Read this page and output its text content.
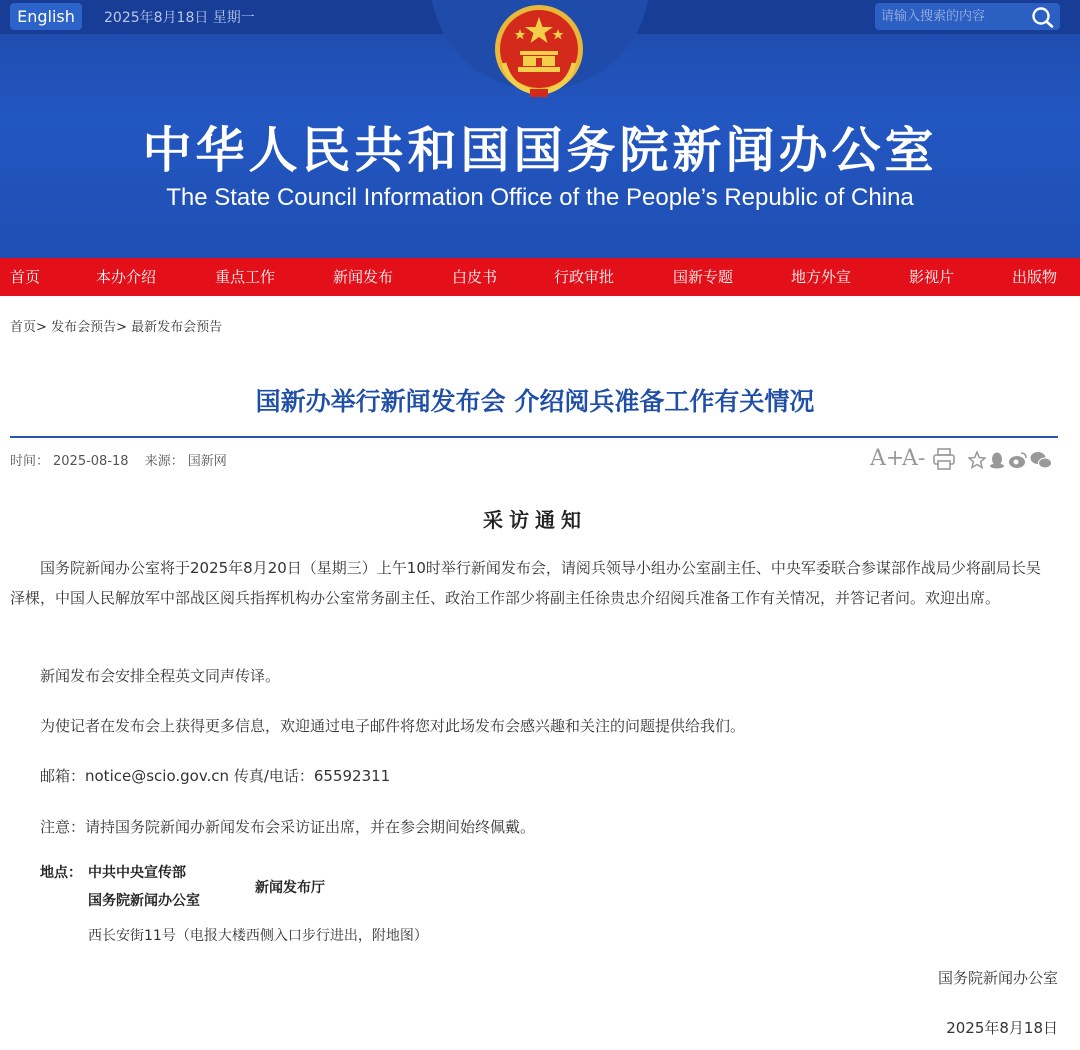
English	2025年8月18日 星期一
请输入搜索的内容
中华人民共和国国务院新闻办公室
The State Council Information Office of the People’s Republic of China
首页	本办介绍	重点工作	新闻发布	白皮书	行政审批	国新专题	地方外宣	影视片	出版物
首页> 发布会预告> 最新发布会预告
国新办举行新闻发布会 介绍阅兵准备工作有关情况
时间： 2025-08-18 来源： 国新网	A+
A-
采访通知
国务院新闻办公室将于2025年8月20日（星期三）上午10时举行新闻发布会，请阅兵领导小组办公室副主任、中央军委联合参谋部作战局少将副局长吴泽棵，中国人民解放军中部战区阅兵指挥机构办公室常务副主任、政治工作部少将副主任徐贵忠介绍阅兵准备工作有关情况，并答记者问。欢迎出席。
新闻发布会安排全程英文同声传译。
为使记者在发布会上获得更多信息，欢迎通过电子邮件将您对此场发布会感兴趣和关注的问题提供给我们。
邮箱：notice@scio.gov.cn 传真/电话：65592311
注意：请持国务院新闻办新闻发布会采访证出席，并在参会期间始终佩戴。
地点： 中共中央宣传部
国务院新闻办公室
新闻发布厅
西长安街11号（电报大楼西侧入口步行进出，附地图）
国务院新闻办公室
2025年8月18日
